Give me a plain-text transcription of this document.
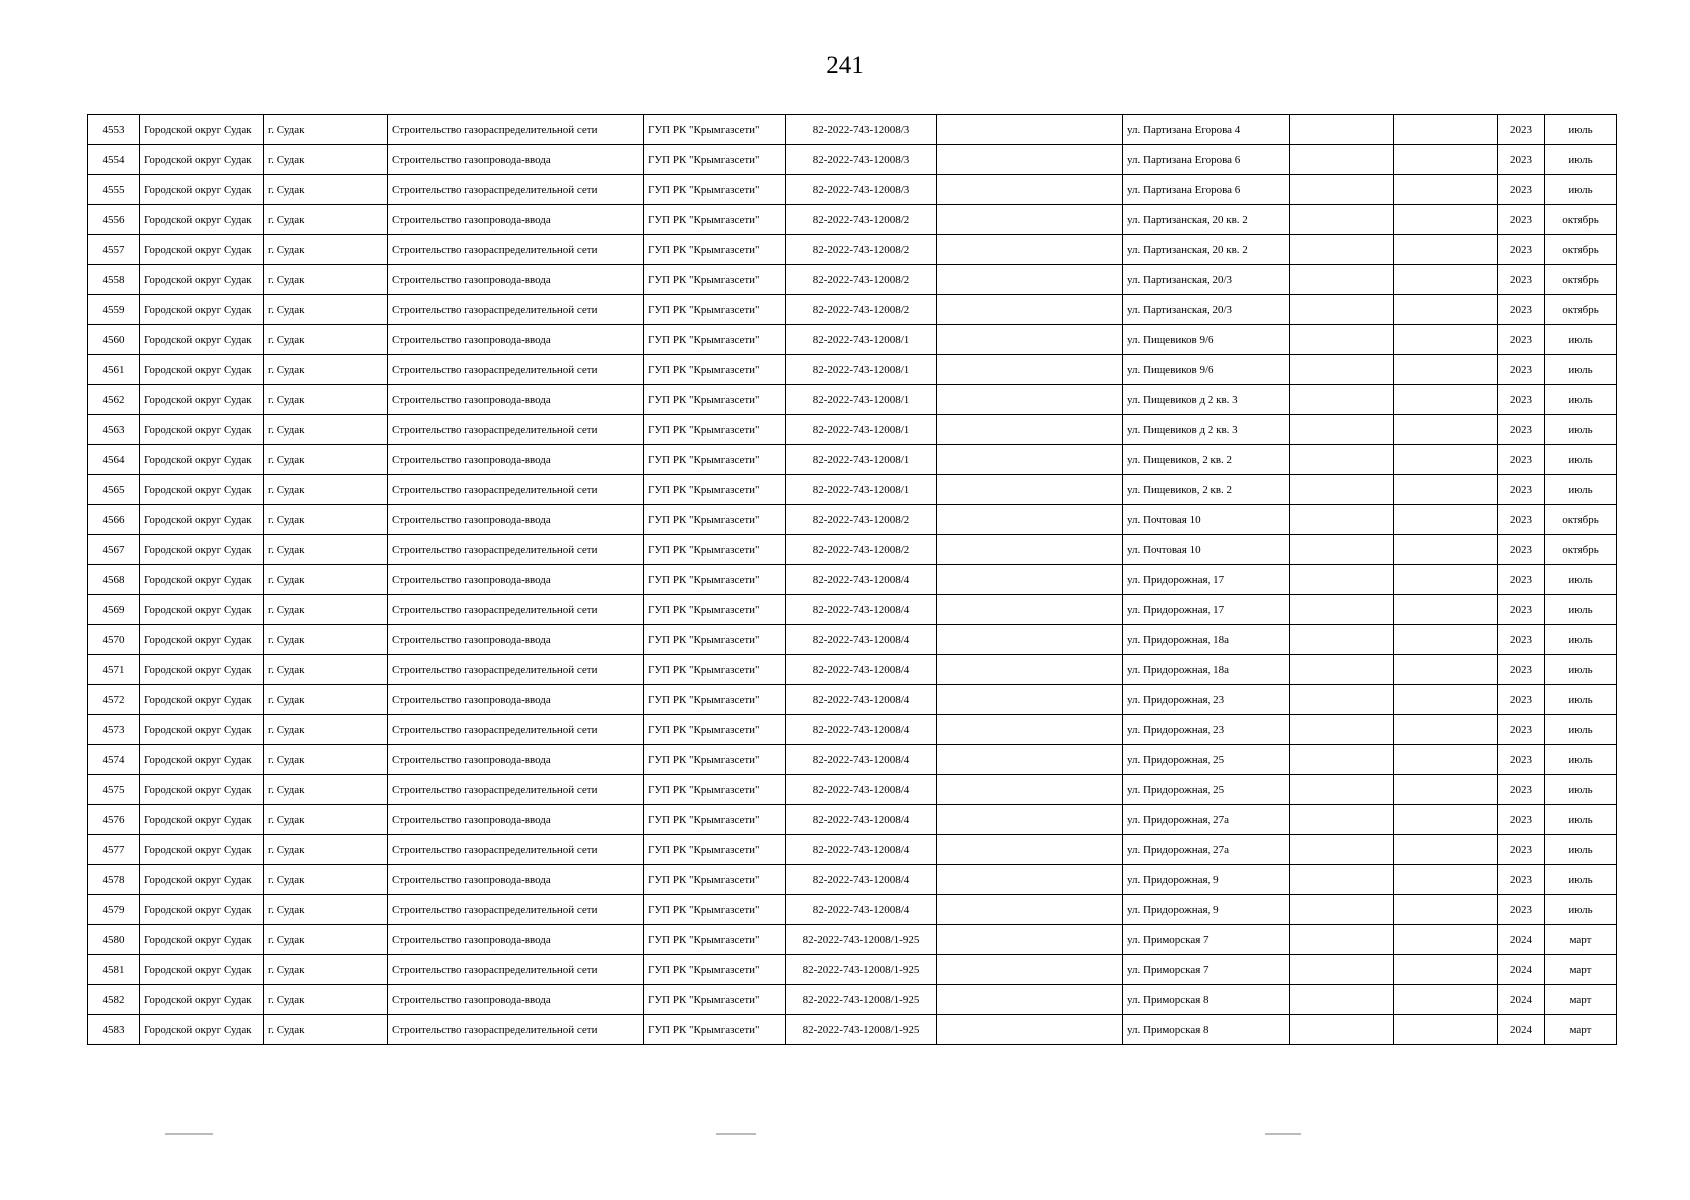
241
4553	Городской округ Судак	г. Судак	Строительство газораспределительной сети	ГУП РК "Крымгазсети"	82-2022-743-12008/3		ул. Партизана Егорова 4			2023	июль
4554	Городской округ Судак	г. Судак	Строительство газопровода-ввода	ГУП РК "Крымгазсети"	82-2022-743-12008/3		ул. Партизана Егорова 6			2023	июль
4555	Городской округ Судак	г. Судак	Строительство газораспределительной сети	ГУП РК "Крымгазсети"	82-2022-743-12008/3		ул. Партизана Егорова 6			2023	июль
4556	Городской округ Судак	г. Судак	Строительство газопровода-ввода	ГУП РК "Крымгазсети"	82-2022-743-12008/2		ул. Партизанская, 20 кв. 2			2023	октябрь
4557	Городской округ Судак	г. Судак	Строительство газораспределительной сети	ГУП РК "Крымгазсети"	82-2022-743-12008/2		ул. Партизанская, 20 кв. 2			2023	октябрь
4558	Городской округ Судак	г. Судак	Строительство газопровода-ввода	ГУП РК "Крымгазсети"	82-2022-743-12008/2		ул. Партизанская, 20/3			2023	октябрь
4559	Городской округ Судак	г. Судак	Строительство газораспределительной сети	ГУП РК "Крымгазсети"	82-2022-743-12008/2		ул. Партизанская, 20/3			2023	октябрь
4560	Городской округ Судак	г. Судак	Строительство газопровода-ввода	ГУП РК "Крымгазсети"	82-2022-743-12008/1		ул. Пищевиков 9/6			2023	июль
4561	Городской округ Судак	г. Судак	Строительство газораспределительной сети	ГУП РК "Крымгазсети"	82-2022-743-12008/1		ул. Пищевиков 9/6			2023	июль
4562	Городской округ Судак	г. Судак	Строительство газопровода-ввода	ГУП РК "Крымгазсети"	82-2022-743-12008/1		ул. Пищевиков д 2 кв. 3			2023	июль
4563	Городской округ Судак	г. Судак	Строительство газораспределительной сети	ГУП РК "Крымгазсети"	82-2022-743-12008/1		ул. Пищевиков д 2 кв. 3			2023	июль
4564	Городской округ Судак	г. Судак	Строительство газопровода-ввода	ГУП РК "Крымгазсети"	82-2022-743-12008/1		ул. Пищевиков, 2 кв. 2			2023	июль
4565	Городской округ Судак	г. Судак	Строительство газораспределительной сети	ГУП РК "Крымгазсети"	82-2022-743-12008/1		ул. Пищевиков, 2 кв. 2			2023	июль
4566	Городской округ Судак	г. Судак	Строительство газопровода-ввода	ГУП РК "Крымгазсети"	82-2022-743-12008/2		ул. Почтовая 10			2023	октябрь
4567	Городской округ Судак	г. Судак	Строительство газораспределительной сети	ГУП РК "Крымгазсети"	82-2022-743-12008/2		ул. Почтовая 10			2023	октябрь
4568	Городской округ Судак	г. Судак	Строительство газопровода-ввода	ГУП РК "Крымгазсети"	82-2022-743-12008/4		ул. Придорожная, 17			2023	июль
4569	Городской округ Судак	г. Судак	Строительство газораспределительной сети	ГУП РК "Крымгазсети"	82-2022-743-12008/4		ул. Придорожная, 17			2023	июль
4570	Городской округ Судак	г. Судак	Строительство газопровода-ввода	ГУП РК "Крымгазсети"	82-2022-743-12008/4		ул. Придорожная, 18а			2023	июль
4571	Городской округ Судак	г. Судак	Строительство газораспределительной сети	ГУП РК "Крымгазсети"	82-2022-743-12008/4		ул. Придорожная, 18а			2023	июль
4572	Городской округ Судак	г. Судак	Строительство газопровода-ввода	ГУП РК "Крымгазсети"	82-2022-743-12008/4		ул. Придорожная, 23			2023	июль
4573	Городской округ Судак	г. Судак	Строительство газораспределительной сети	ГУП РК "Крымгазсети"	82-2022-743-12008/4		ул. Придорожная, 23			2023	июль
4574	Городской округ Судак	г. Судак	Строительство газопровода-ввода	ГУП РК "Крымгазсети"	82-2022-743-12008/4		ул. Придорожная, 25			2023	июль
4575	Городской округ Судак	г. Судак	Строительство газораспределительной сети	ГУП РК "Крымгазсети"	82-2022-743-12008/4		ул. Придорожная, 25			2023	июль
4576	Городской округ Судак	г. Судак	Строительство газопровода-ввода	ГУП РК "Крымгазсети"	82-2022-743-12008/4		ул. Придорожная, 27а			2023	июль
4577	Городской округ Судак	г. Судак	Строительство газораспределительной сети	ГУП РК "Крымгазсети"	82-2022-743-12008/4		ул. Придорожная, 27а			2023	июль
4578	Городской округ Судак	г. Судак	Строительство газопровода-ввода	ГУП РК "Крымгазсети"	82-2022-743-12008/4		ул. Придорожная, 9			2023	июль
4579	Городской округ Судак	г. Судак	Строительство газораспределительной сети	ГУП РК "Крымгазсети"	82-2022-743-12008/4		ул. Придорожная, 9			2023	июль
4580	Городской округ Судак	г. Судак	Строительство газопровода-ввода	ГУП РК "Крымгазсети"	82-2022-743-12008/1-925		ул. Приморская 7			2024	март
4581	Городской округ Судак	г. Судак	Строительство газораспределительной сети	ГУП РК "Крымгазсети"	82-2022-743-12008/1-925		ул. Приморская 7			2024	март
4582	Городской округ Судак	г. Судак	Строительство газопровода-ввода	ГУП РК "Крымгазсети"	82-2022-743-12008/1-925		ул. Приморская 8			2024	март
4583	Городской округ Судак	г. Судак	Строительство газораспределительной сети	ГУП РК "Крымгазсети"	82-2022-743-12008/1-925		ул. Приморская 8			2024	март
